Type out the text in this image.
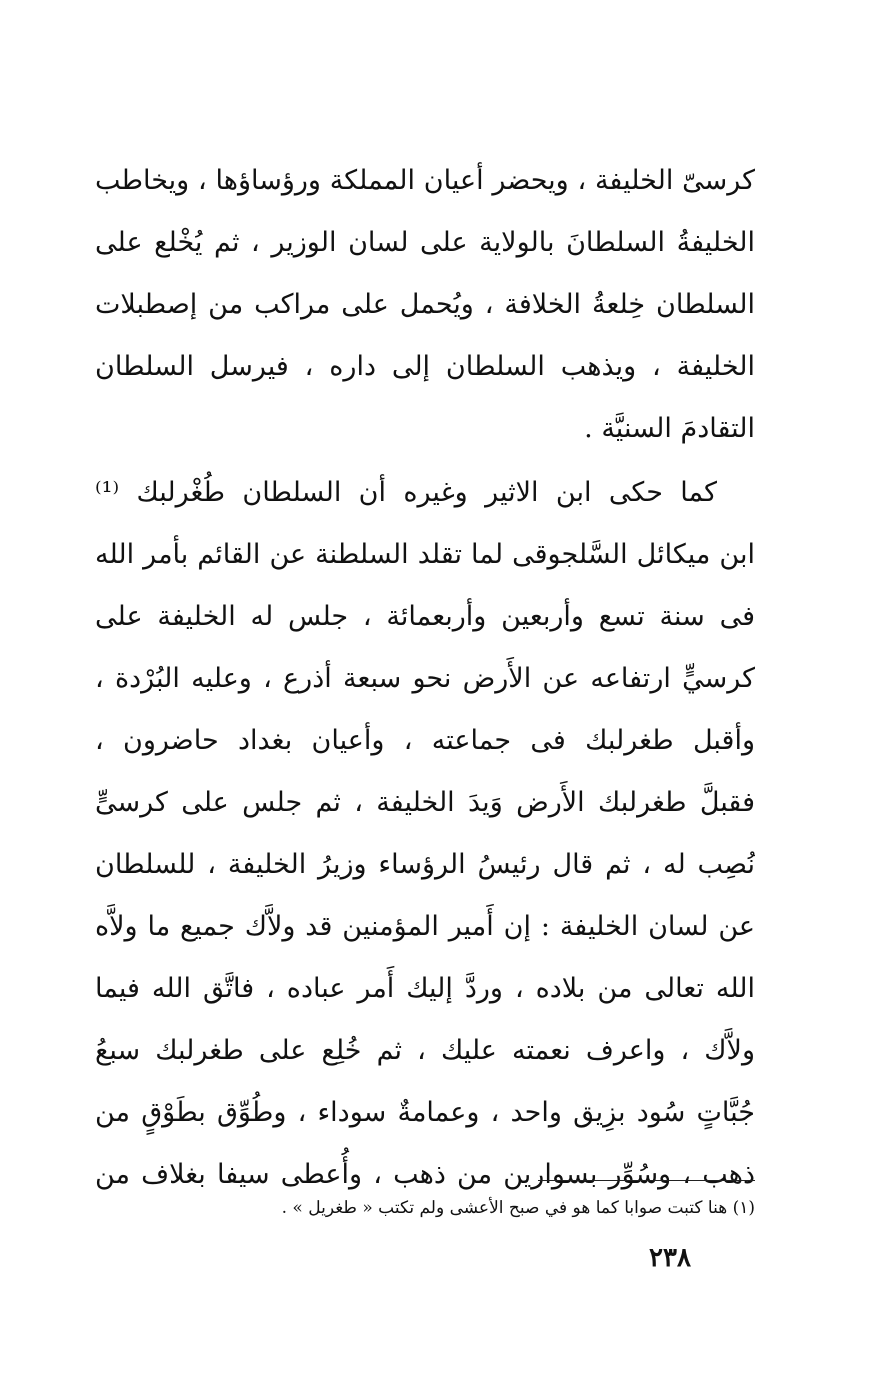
كرسىّ الخليفة ، ويحضر أعيان المملكة ورؤساؤها ، ويخاطب
الخليفةُ السلطانَ بالولاية على لسان الوزير ، ثم يُخْلع على
السلطان خِلعةُ الخلافة ، ويُحمل على مراكب من إصطبلات
الخليفة ، ويذهب السلطان إلى داره ، فيرسل السلطان
التقادمَ السنيَّة .
كما حكى ابن الاثير وغيره أن السلطان طُغْرلبك ⁽¹⁾
ابن ميكائل السَّلجوقى لما تقلد السلطنة عن القائم بأمر الله
فى سنة تسع وأربعين وأربعمائة ، جلس له الخليفة على
كرسيٍّ ارتفاعه عن الأَرض نحو سبعة أذرع ، وعليه البُرْدة ،
وأقبل طغرلبك فى جماعته ، وأعيان بغداد حاضرون ،
فقبلَّ طغرلبك الأَرض وَيدَ الخليفة ، ثم جلس على كرسىٍّ
نُصِب له ، ثم قال رئيسُ الرؤساء وزيرُ الخليفة ، للسلطان
عن لسان الخليفة : إن أَمير المؤمنين قد ولاَّك جميع ما ولاَّه
الله تعالى من بلاده ، وردَّ إليك أَمر عباده ، فاتَّق الله فيما
ولاَّك ، واعرف نعمته عليك ، ثم خُلِع على طغرلبك سبعُ
جُبَّاتٍ سُود بزِيق واحد ، وعمامةٌ سوداء ، وطُوِّق بطَوْقٍ من
ذهب ، وسُوِّر بسوارين من ذهب ، وأُعطى سيفا بغلاف من
(١) هنا كتبت صوابا كما هو في صبح الأعشى ولم تكتب « طغريل » .
٢٣٨
